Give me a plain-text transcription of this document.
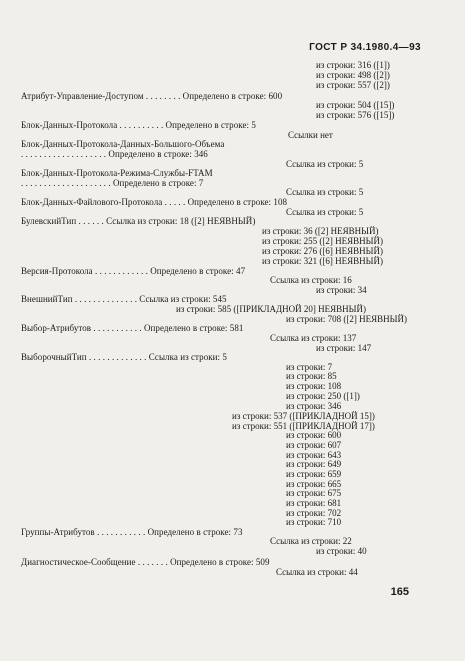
ГОСТ Р 34.1980.4—93
из строки: 316 ([1])
из строки: 498 ([2])
из строки: 557 ([2])
Атрибут-Управление-Доступом . . . . . . . . Определено в строке: 600
из строки: 504 ([15])
из строки: 576 ([15])
Блок-Данных-Протокола . . . . . . . . . . Определено в строке: 5
Ссылки нет
Блок-Данных-Протокола-Данных-Большого-Объема
. . . . . . . . . . . . . . . . . . . Определено в строке: 346
Ссылка из строки: 5
Блок-Данных-Протокола-Режима-Службы-FTAM
. . . . . . . . . . . . . . . . . . . . Определено в строке: 7
Ссылка из строки: 5
Блок-Данных-Файлового-Протокола . . . . . Определено в строке: 108
Ссылка из строки: 5
БулевскийТип . . . . . . Ссылка из строки: 18 ([2] НЕЯВНЫЙ)
из строки: 36 ([2] НЕЯВНЫЙ)
из строки: 255 ([2] НЕЯВНЫЙ)
из строки: 276 ([6] НЕЯВНЫЙ)
из строки: 321 ([6] НЕЯВНЫЙ)
Версия-Протокола . . . . . . . . . . . . Определено в строке: 47
Ссылка из строки: 16
из строки: 34
ВнешнийТип . . . . . . . . . . . . . . Ссылка из строки: 545
из строки: 585 ([ПРИКЛАДНОЙ 20] НЕЯВНЫЙ)
из строки: 708 ([2] НЕЯВНЫЙ)
Выбор-Атрибутов . . . . . . . . . . . Определено в строке: 581
Ссылка из строки: 137
из строки: 147
ВыборочныйТип . . . . . . . . . . . . . Ссылка из строки: 5
из строки: 7
из строки: 85
из строки: 108
из строки: 250 ([1])
из строки: 346
из строки: 537 ([ПРИКЛАДНОЙ 15])
из строки: 551 ([ПРИКЛАДНОЙ 17])
из строки: 600
из строки: 607
из строки: 643
из строки: 649
из строки: 659
из строки: 665
из строки: 675
из строки: 681
из строки: 702
из строки: 710
Группы-Атрибутов . . . . . . . . . . . Определено в строке: 73
Ссылка из строки: 22
из строки: 40
Диагностическое-Сообщение . . . . . . . Определено в строке: 509
Ссылка из строки: 44
165
